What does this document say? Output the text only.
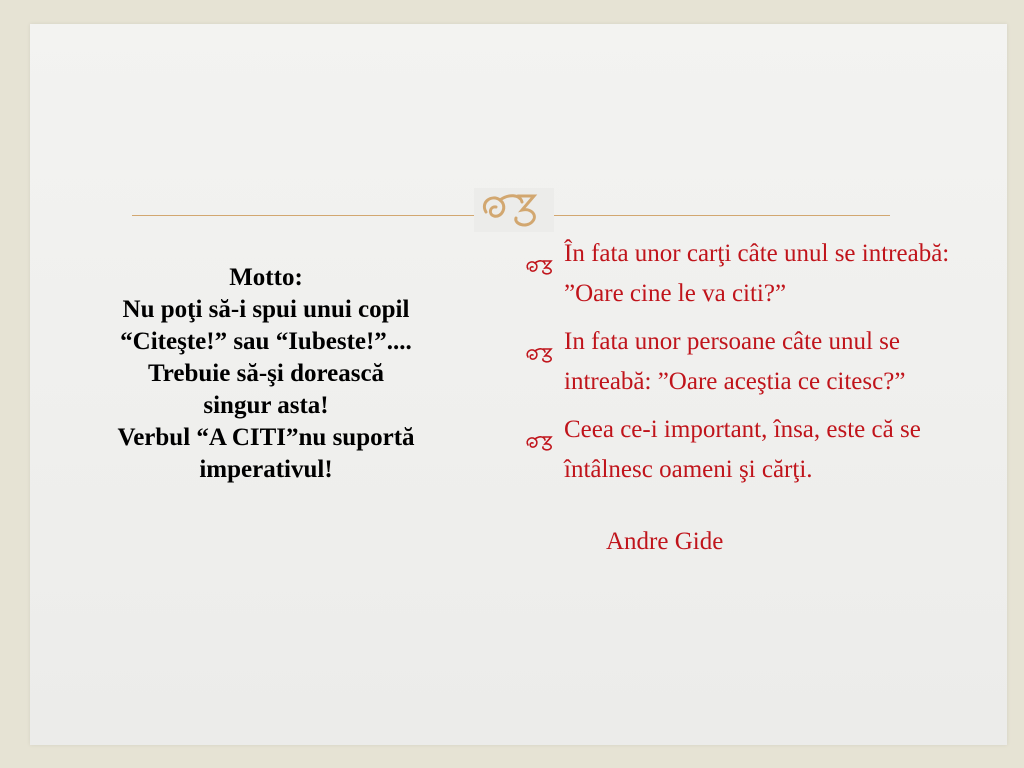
Motto:
Nu poţi să-i spui unui copil
“Citeşte!” sau “Iubeste!”....
Trebuie să-şi dorească
singur asta!
Verbul “A CITI”nu suportă
imperativul!
În fata unor carţi câte unul se intreabă: ”Oare cine le va citi?”
In fata unor persoane câte unul se intreabă: ”Oare aceştia ce citesc?”
Ceea ce-i important, însa, este că se întâlnesc oameni şi cărţi.
Andre Gide
